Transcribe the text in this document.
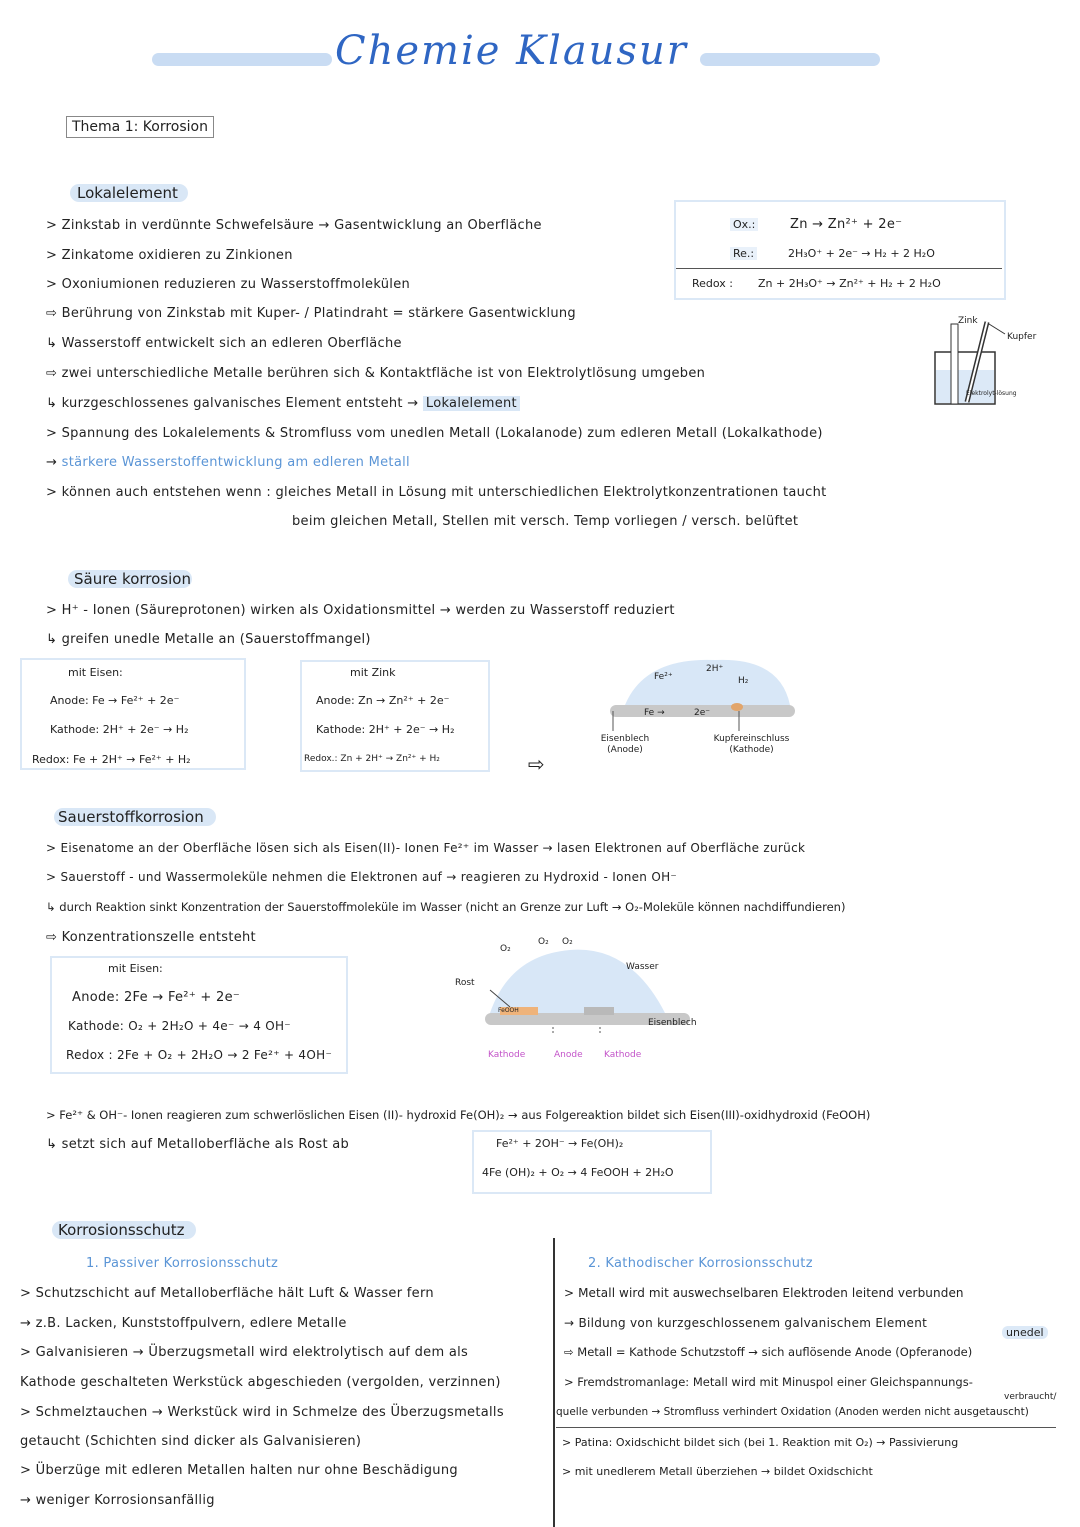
Chemie Klausur
Thema 1: Korrosion
Lokalelement
> Zinkstab in verdünnte Schwefelsäure → Gasentwicklung an Oberfläche
> Zinkatome oxidieren zu Zinkionen
> Oxoniumionen reduzieren zu Wasserstoffmolekülen
⇨ Berührung von Zinkstab mit Kuper- / Platindraht = stärkere Gasentwicklung
↳ Wasserstoff entwickelt sich an edleren Oberfläche
⇨ zwei unterschiedliche Metalle berühren sich & Kontaktfläche ist von Elektrolytlösung umgeben
↳ kurzgeschlossenes galvanisches Element entsteht → Lokalelement
> Spannung des Lokalelements & Stromfluss vom unedlen Metall (Lokalanode) zum edleren Metall (Lokalkathode)
→ stärkere Wasserstoffentwicklung am edleren Metall
> können auch entstehen wenn : gleiches Metall in Lösung mit unterschiedlichen Elektrolytkonzentrationen taucht
beim gleichen Metall, Stellen mit versch. Temp vorliegen / versch. belüftet
Ox.:	Zn → Zn²⁺ + 2e⁻
Re.:	2H₃O⁺ + 2e⁻ → H₂ + 2 H₂O
Redox : Zn + 2H₃O⁺ → Zn²⁺ + H₂ + 2 H₂O
Zink
Kupfer
Elektrolyt-lösung
Säure korrosion
> H⁺ - Ionen (Säureprotonen) wirken als Oxidationsmittel → werden zu Wasserstoff reduziert
↳ greifen unedle Metalle an (Sauerstoffmangel)
mit Eisen:
Anode: Fe → Fe²⁺ + 2e⁻
Kathode: 2H⁺ + 2e⁻ → H₂
Redox: Fe + 2H⁺ → Fe²⁺ + H₂
mit Zink
Anode: Zn → Zn²⁺ + 2e⁻
Kathode: 2H⁺ + 2e⁻ → H₂
Redox.: Zn + 2H⁺ → Zn²⁺ + H₂	⇨
Fe²⁺
2H⁺
H₂
Fe →	2e⁻
Eisenblech (Anode)
Kupfereinschluss (Kathode)
Sauerstoffkorrosion
> Eisenatome an der Oberfläche lösen sich als Eisen(II)- Ionen Fe²⁺ im Wasser → lasen Elektronen auf Oberfläche zurück
> Sauerstoff - und Wassermoleküle nehmen die Elektronen auf → reagieren zu Hydroxid - Ionen OH⁻
↳ durch Reaktion sinkt Konzentration der Sauerstoffmoleküle im Wasser (nicht an Grenze zur Luft → O₂-Moleküle können nachdiffundieren)
⇨ Konzentrationszelle entsteht
mit Eisen:
Anode: 2Fe → Fe²⁺ + 2e⁻
Kathode: O₂ + 2H₂O + 4e⁻ → 4 OH⁻
Redox : 2Fe + O₂ + 2H₂O → 2 Fe²⁺ + 4OH⁻
O₂
O₂ O₂
Wasser
Rost
FeOOH
Eisenblech
Kathode	Anode Kathode
> Fe²⁺ & OH⁻- Ionen reagieren zum schwerlöslichen Eisen (II)- hydroxid Fe(OH)₂ → aus Folgereaktion bildet sich Eisen(III)-oxidhydroxid (FeOOH)
↳ setzt sich auf Metalloberfläche als Rost ab	Fe²⁺ + 2OH⁻ → Fe(OH)₂
4Fe (OH)₂ + O₂ → 4 FeOOH + 2H₂O
Korrosionsschutz
1. Passiver Korrosionsschutz
> Schutzschicht auf Metalloberfläche hält Luft & Wasser fern
→ z.B. Lacken, Kunststoffpulvern, edlere Metalle
> Galvanisieren → Überzugsmetall wird elektrolytisch auf dem als
Kathode geschalteten Werkstück abgeschieden (vergolden, verzinnen)
> Schmelztauchen → Werkstück wird in Schmelze des Überzugsmetalls
getaucht (Schichten sind dicker als Galvanisieren)
> Überzüge mit edleren Metallen halten nur ohne Beschädigung
→ weniger Korrosionsanfällig
2. Kathodischer Korrosionsschutz
> Metall wird mit auswechselbaren Elektroden leitend verbunden
→ Bildung von kurzgeschlossenem galvanischem Element
unedel
⇨ Metall = Kathode Schutzstoff → sich auflösende Anode (Opferanode)
> Fremdstromanlage: Metall wird mit Minuspol einer Gleichspannungs-
verbraucht/
quelle verbunden → Stromfluss verhindert Oxidation (Anoden werden nicht ausgetauscht)
> Patina: Oxidschicht bildet sich (bei 1. Reaktion mit O₂) → Passivierung
> mit unedlerem Metall überziehen → bildet Oxidschicht
